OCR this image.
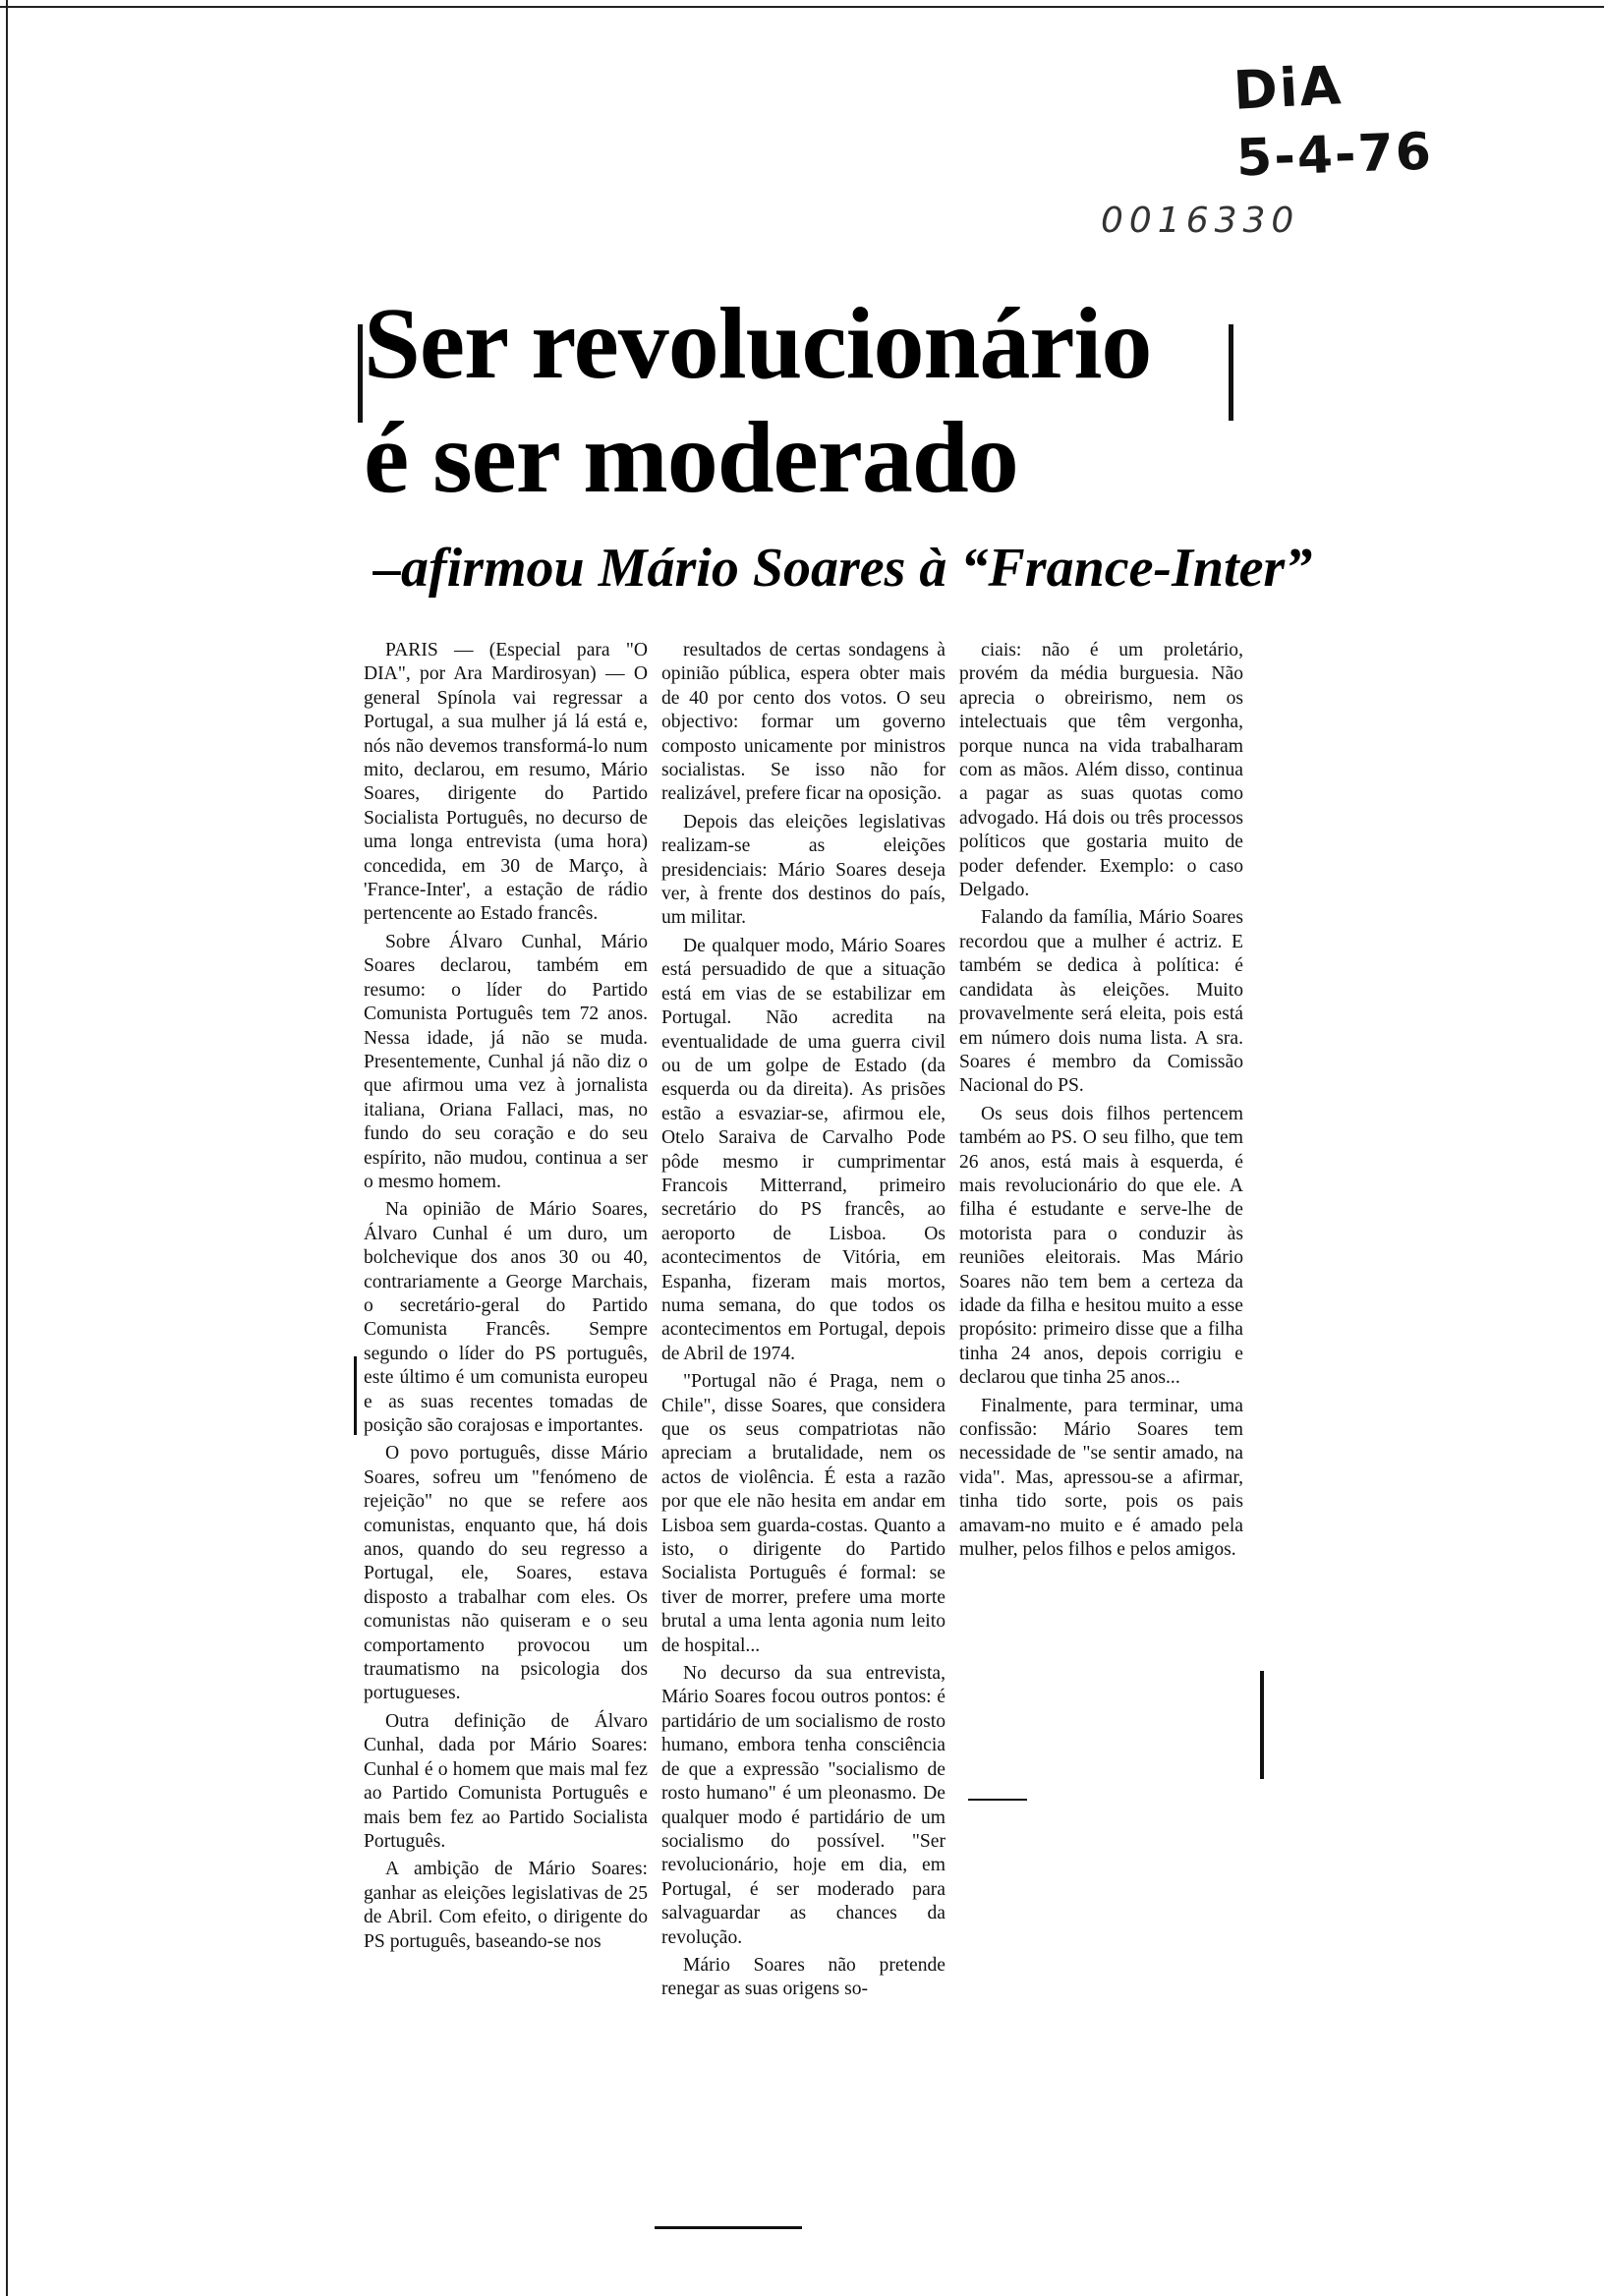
DiA
5-4-76
0016330
Ser revolucionário
é ser moderado
–afirmou Mário Soares à “France-Inter”

PARIS — (Especial para "O DIA", por Ara Mardirosyan) — O general Spínola vai regressar a Portugal, a sua mulher já lá está e, nós não devemos transformá-lo num mito, declarou, em resumo, Mário Soares, dirigente do Partido Socialista Português, no decurso de uma longa entrevista (uma hora) concedida, em 30 de Março, à 'France-Inter', a estação de rádio pertencente ao Estado francês.

Sobre Álvaro Cunhal, Mário Soares declarou, também em resumo: o líder do Partido Comunista Português tem 72 anos. Nessa idade, já não se muda. Presentemente, Cunhal já não diz o que afirmou uma vez à jornalista italiana, Oriana Fallaci, mas, no fundo do seu coração e do seu espírito, não mudou, continua a ser o mesmo homem.

Na opinião de Mário Soares, Álvaro Cunhal é um duro, um bolchevique dos anos 30 ou 40, contrariamente a George Marchais, o secretário-geral do Partido Comunista Francês. Sempre segundo o líder do PS português, este último é um comunista europeu e as suas recentes tomadas de posição são corajosas e importantes.

O povo português, disse Mário Soares, sofreu um "fenómeno de rejeição" no que se refere aos comunistas, enquanto que, há dois anos, quando do seu regresso a Portugal, ele, Soares, estava disposto a trabalhar com eles. Os comunistas não quiseram e o seu comportamento provocou um traumatismo na psicologia dos portugueses.

Outra definição de Álvaro Cunhal, dada por Mário Soares: Cunhal é o homem que mais mal fez ao Partido Comunista Português e mais bem fez ao Partido Socialista Português.

A ambição de Mário Soares: ganhar as eleições legislativas de 25 de Abril. Com efeito, o dirigente do PS português, baseando-se nos

resultados de certas sondagens à opinião pública, espera obter mais de 40 por cento dos votos. O seu objectivo: formar um governo composto unicamente por ministros socialistas. Se isso não for realizável, prefere ficar na oposição.

Depois das eleições legislativas realizam-se as eleições presidenciais: Mário Soares deseja ver, à frente dos destinos do país, um militar.

De qualquer modo, Mário Soares está persuadido de que a situação está em vias de se estabilizar em Portugal. Não acredita na eventualidade de uma guerra civil ou de um golpe de Estado (da esquerda ou da direita). As prisões estão a esvaziar-se, afirmou ele, Otelo Saraiva de Carvalho Pode pôde mesmo ir cumprimentar Francois Mitterrand, primeiro secretário do PS francês, ao aeroporto de Lisboa. Os acontecimentos de Vitória, em Espanha, fizeram mais mortos, numa semana, do que todos os acontecimentos em Portugal, depois de Abril de 1974.

"Portugal não é Praga, nem o Chile", disse Soares, que considera que os seus compatriotas não apreciam a brutalidade, nem os actos de violência. É esta a razão por que ele não hesita em andar em Lisboa sem guarda-costas. Quanto a isto, o dirigente do Partido Socialista Português é formal: se tiver de morrer, prefere uma morte brutal a uma lenta agonia num leito de hospital...

No decurso da sua entrevista, Mário Soares focou outros pontos: é partidário de um socialismo de rosto humano, embora tenha consciência de que a expressão "socialismo de rosto humano" é um pleonasmo. De qualquer modo é partidário de um socialismo do possível. "Ser revolucionário, hoje em dia, em Portugal, é ser moderado para salvaguardar as chances da revolução.

Mário Soares não pretende renegar as suas origens so-

ciais: não é um proletário, provém da média burguesia. Não aprecia o obreirismo, nem os intelectuais que têm vergonha, porque nunca na vida trabalharam com as mãos. Além disso, continua a pagar as suas quotas como advogado. Há dois ou três processos políticos que gostaria muito de poder defender. Exemplo: o caso Delgado.

Falando da família, Mário Soares recordou que a mulher é actriz. E também se dedica à política: é candidata às eleições. Muito provavelmente será eleita, pois está em número dois numa lista. A sra. Soares é membro da Comissão Nacional do PS.

Os seus dois filhos pertencem também ao PS. O seu filho, que tem 26 anos, está mais à esquerda, é mais revolucionário do que ele. A filha é estudante e serve-lhe de motorista para o conduzir às reuniões eleitorais. Mas Mário Soares não tem bem a certeza da idade da filha e hesitou muito a esse propósito: primeiro disse que a filha tinha 24 anos, depois corrigiu e declarou que tinha 25 anos...

Finalmente, para terminar, uma confissão: Mário Soares tem necessidade de "se sentir amado, na vida". Mas, apressou-se a afirmar, tinha tido sorte, pois os pais amavam-no muito e é amado pela mulher, pelos filhos e pelos amigos.
